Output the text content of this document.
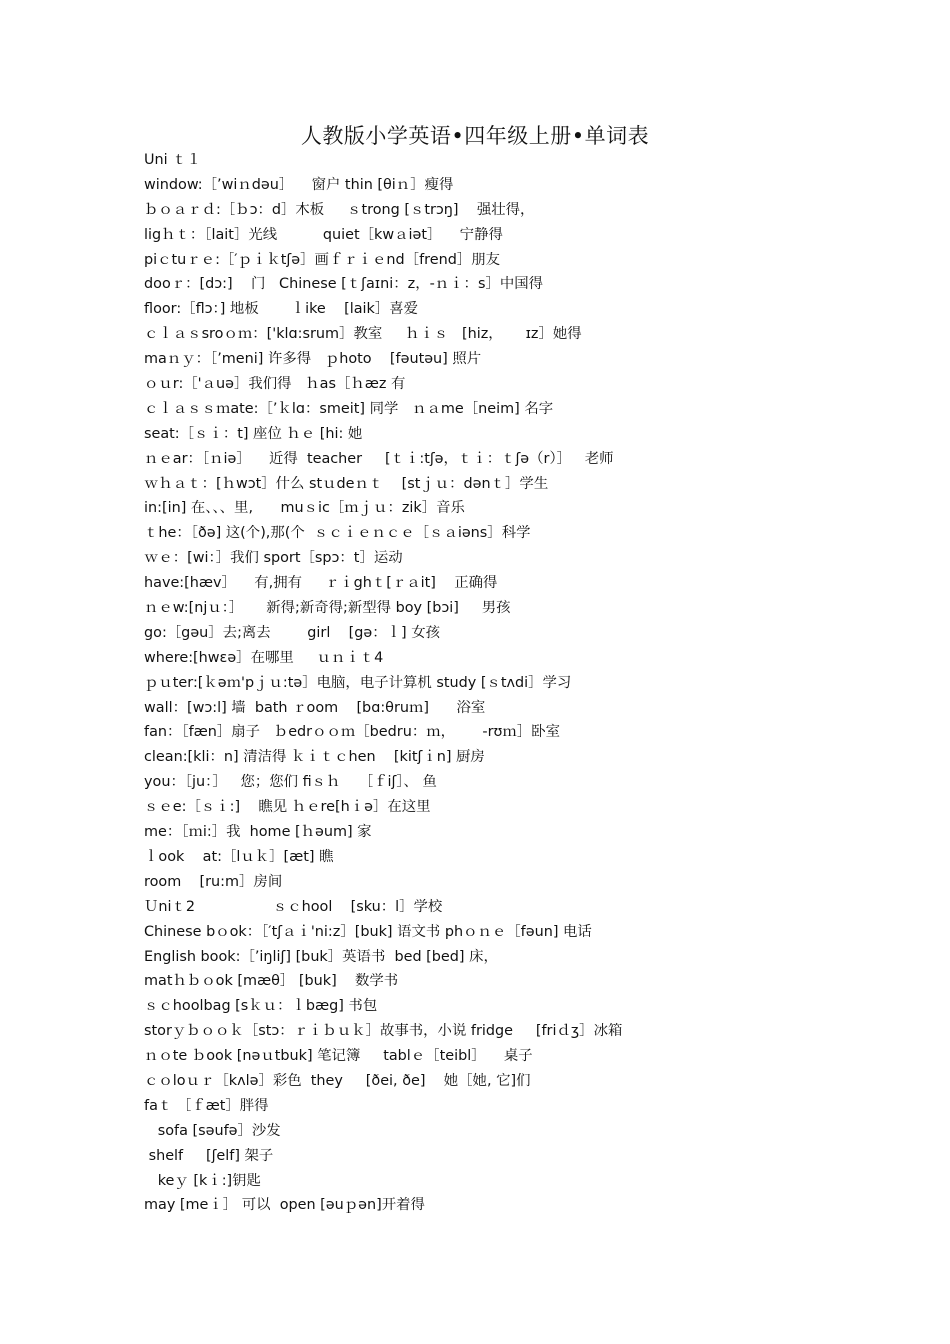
人教版小学英语•四年级上册•单词表
Uni ｔ１
window:［’wiｎdəu］    窗户 thin [θiｎ］瘦得
ｂｏａｒｄ:［ｂɔ：d］木板     ｓtrong [ｓtrɔŋ]    强壮得，
ligｈｔ：［lait］光线          quiet［kwａiət］    宁静得
piｃtuｒｅ:［′ｐｉｋtʃə］画ｆｒｉｅnd［frend］朋友
dooｒ：[dɔ:]    门   Chinese [ｔʃaɪni：z，-ｎｉ：s］中国得
floor:［flɔ：] 地板       ｌike    [laik］喜爱
ｃｌａｓsroｏｍ：['klɑ:srum］教室     ｈｉｓ   [hiz，     ɪz］她得
maｎｙ：［’meni] 许多得   ｐhoto    [fəutəu] 照片
ｏｕr:［'ａuə］我们得   ｈas［ｈæz 有
ｃｌａｓｓｍate:［’ｋlɑ：smeit] 同学   ｎａme［neim] 名字
seat:［ｓｉ：t] 座位 ｈｅ [hi: 她
ｎｅar：［ｎiə］    近得  teacher     [ｔｉ:tʃə，ｔｉ：ｔʃə（r）］   老师
ｗｈａｔ：[ｈwɔt］什么 stｕdeｎｔ    [stｊｕ：dənｔ］学生
in:[in] 在、、、里,      muｓic［ｍｊｕ：zik］音乐
ｔhe：［ðə] 这(个),那(个  ｓｃｉｅｎｃｅ［ｓａiəns］科学
ｗｅ：[wi：］我们 sport［spɔ：t］运动
have:[hæv］    有,拥有     ｒｉghｔ[ｒａit]    正确得
ｎｅw:[njｕ：］     新得;新奇得;新型得 boy [bɔi]     男孩
go:［gəu］去;离去        girl    [gə：ｌ] 女孩
where:[hwɛə］在哪里     ｕｎｉｔ4
ｐｕter:[ｋəｍ'pｊｕ:tə］电脑，电子计算机 study [ｓtʌdi］学习
wall：[wɔ:l] 墙  bath ｒoom    [bɑ:θruｍ]      浴室
fan：［fæn］扇子   ｂedrｏｏｍ［bedru：ｍ，      -rʊｍ］卧室
clean:[kli：n] 清洁得 ｋｉｔｃhen    [kitʃｉn] 厨房
you：［ju：］   您；您们 fiｓｈ    ［ｆiʃ］、 鱼
ｓｅe:［ｓｉ:]    瞧见 ｈｅre[hｉə］在这里
me：［ｍi:］我  home [ｈəum] 家
ｌook    at:［lｕｋ］[æt] 瞧
room    [ru:m］房间
Ｕniｔ2                 ｓｃhool    [sku：l］学校
Chinese bｏok：［′tʃａｉ'ni:z］[buk] 语文书 phｏｎｅ［fəun] 电话
English book:［’iŋliʃ] [buk］英语书  bed [bed] 床，
matｈｂｏok [mæθ］ [buk]    数学书
ｓｃhoolbag [sｋｕ：ｌbæg] 书包
storｙｂｏｏｋ［stɔ：ｒｉｂｕｋ］故事书，小说 fridge     [friｄʒ］冰箱
ｎｏte ｂook [nəｕtbuk] 笔记簿     tablｅ［teibl］    桌子
ｃｏloｕｒ［kʌlə］彩色  they     [ðei, ðe]    她［她, 它]们
faｔ ［ｆæt］胖得
sofa [səufə］沙发
shelf     [ʃelf] 架子
keｙ [kｉ:]钥匙
may [meｉ］ 可以  open [əuｐən]开着得
